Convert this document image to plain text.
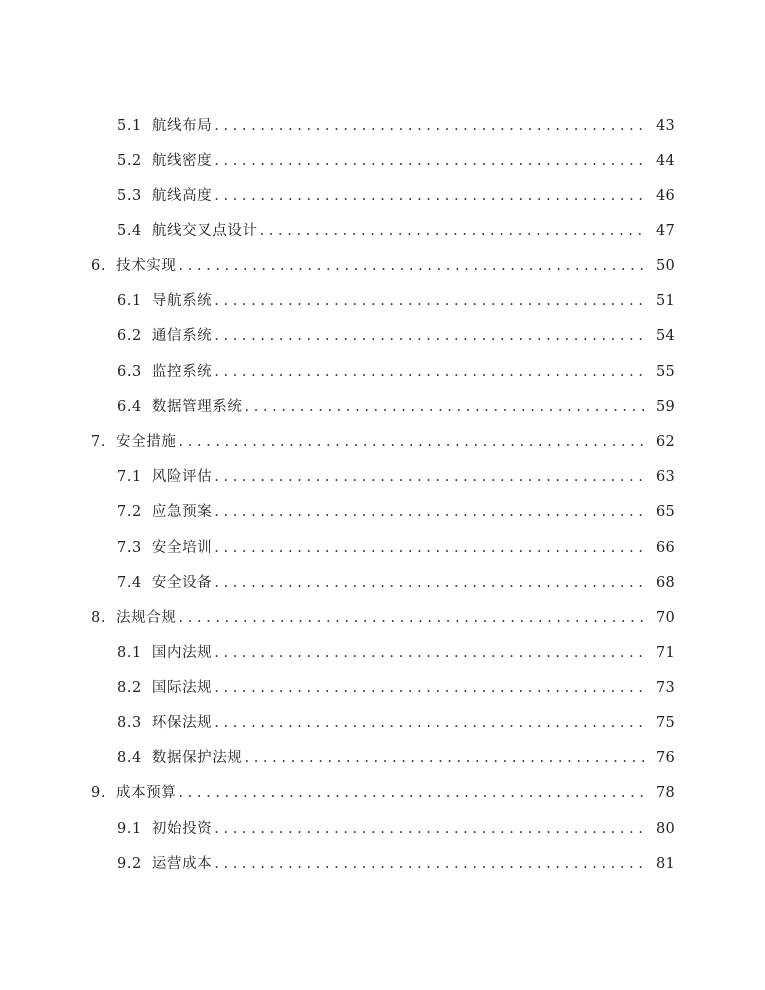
5.1 航线布局 . . .	43
5.2 航线密度 . . .	44
5.3 航线高度 . . .	46
5.4 航线交叉点设计 . . .	47
6. 技术实现 . . .	50
6.1 导航系统 . . .	51
6.2 通信系统 . . .	54
6.3 监控系统 . . .	55
6.4 数据管理系统 . . .	59
7. 安全措施 . . .	62
7.1 风险评估 . . .	63
7.2 应急预案 . . .	65
7.3 安全培训 . . .	66
7.4 安全设备 . . .	68
8. 法规合规 . . .	70
8.1 国内法规 . . .	71
8.2 国际法规 . . .	73
8.3 环保法规 . . .	75
8.4 数据保护法规 . . .	76
9. 成本预算 . . .	78
9.1 初始投资 . . .	80
9.2 运营成本 . . .	81
